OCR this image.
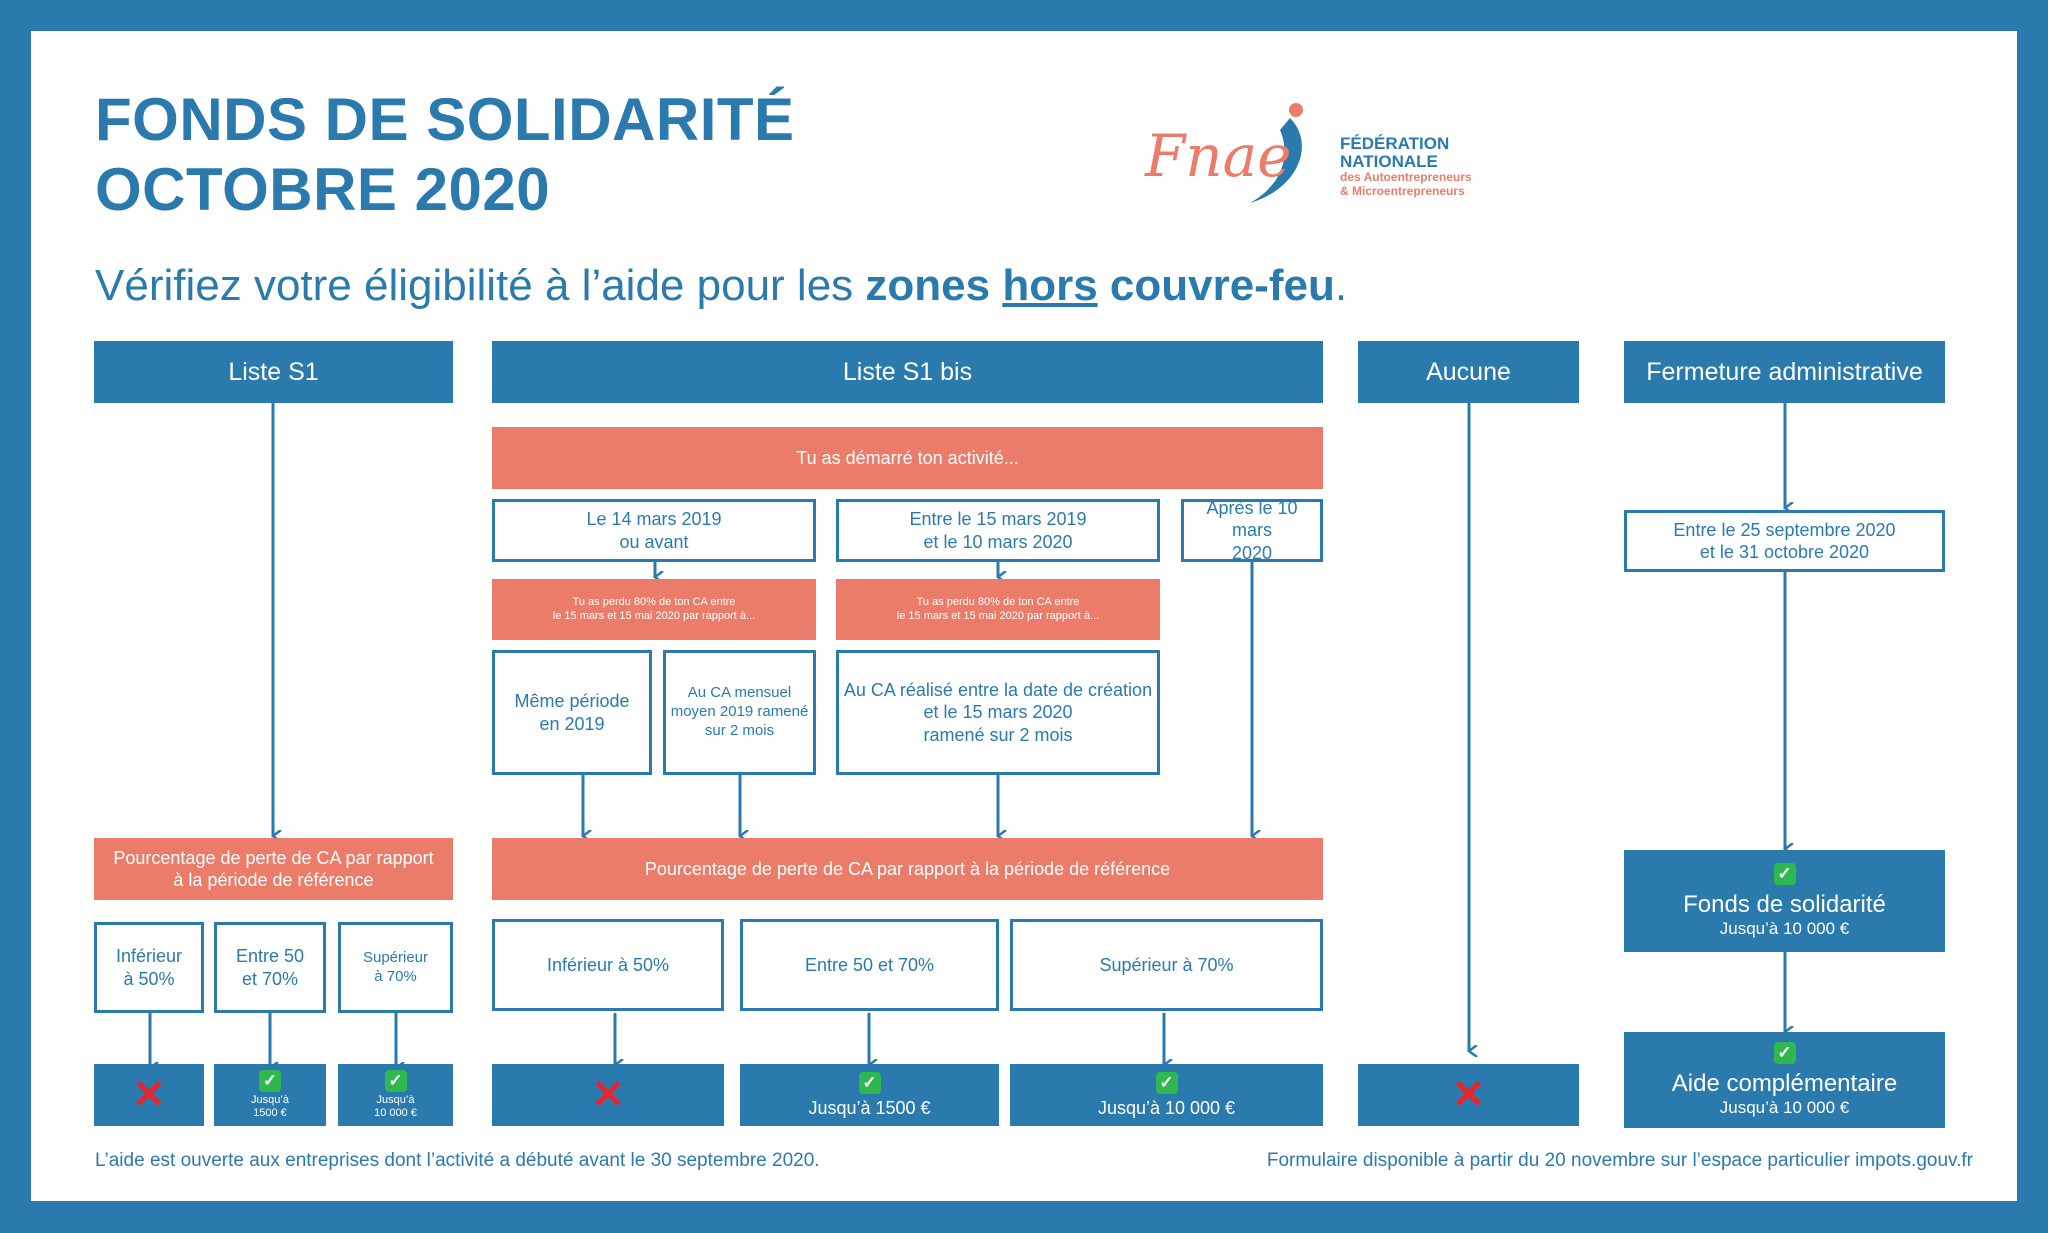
FONDS DE SOLIDARITÉ
OCTOBRE 2020
Vérifiez votre éligibilité à l’aide pour les zones hors couvre-feu.
Fnae	FÉDÉRATION
NATIONALE
des Autoentrepreneurs
& Microentrepreneurs
Liste S1
Pourcentage de perte de CA par rapport
à la période de référence
Inférieur
à 50%
Entre 50
et 70%
Supérieur
à 70%
✕	✓
Jusqu’à
1500 €
✓
Jusqu’à
10 000 €
Liste S1 bis
Tu as démarré ton activité...
Le 14 mars 2019
ou avant
Entre le 15 mars 2019
et le 10 mars 2020
Après le 10 mars
2020
Tu as perdu 80% de ton CA entre
le 15 mars et 15 mai 2020 par rapport à...
Tu as perdu 80% de ton CA entre
le 15 mars et 15 mai 2020 par rapport à...
Même période
en 2019
Au CA mensuel
moyen 2019 ramené
sur 2 mois
Au CA réalisé entre la date de création
et le 15 mars 2020
ramené sur 2 mois
Pourcentage de perte de CA par rapport à la période de référence
Inférieur à 50%	Entre 50 et 70%	Supérieur à 70%
✕	✓
Jusqu’à 1500 €
✓
Jusqu’à 10 000 €
Aucune
✕
Fermeture administrative
Entre le 25 septembre 2020
et le 31 octobre 2020
✓
Fonds de solidarité
Jusqu’à 10 000 €
✓
Aide complémentaire
Jusqu’à 10 000 €
L’aide est ouverte aux entreprises dont l’activité a débuté avant le 30 septembre 2020.	Formulaire disponible à partir du 20 novembre sur l’espace particulier impots.gouv.fr
